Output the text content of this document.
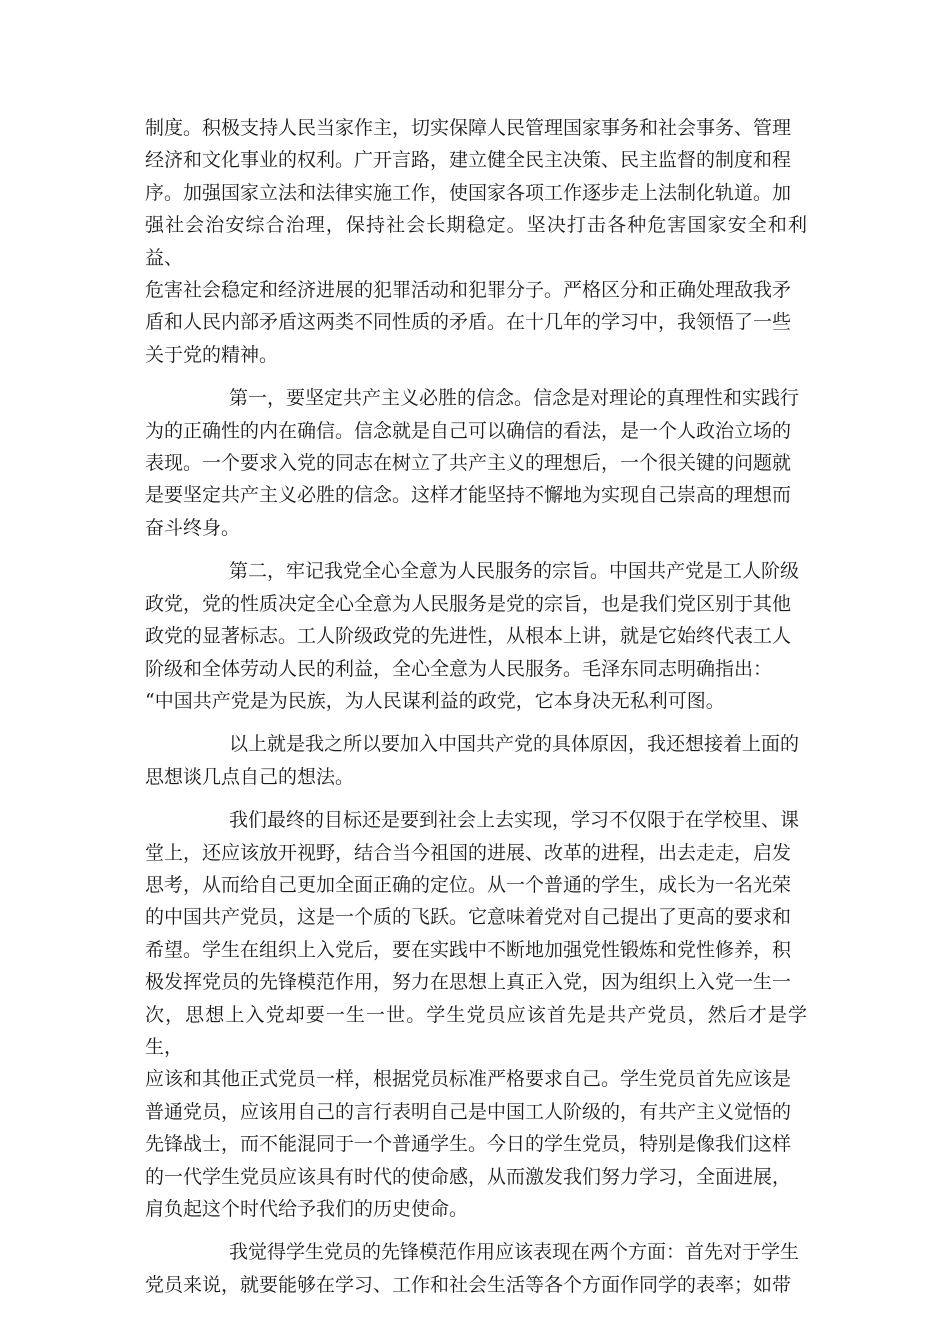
制度。积极支持人民当家作主，切实保障人民管理国家事务和社会事务、管理
经济和文化事业的权利。广开言路，建立健全民主决策、民主监督的制度和程
序。加强国家立法和法律实施工作，使国家各项工作逐步走上法制化轨道。加
强社会治安综合治理，保持社会长期稳定。坚决打击各种危害国家安全和利益、
危害社会稳定和经济进展的犯罪活动和犯罪分子。严格区分和正确处理敌我矛
盾和人民内部矛盾这两类不同性质的矛盾。在十几年的学习中，我领悟了一些
关于党的精神。

第一，要坚定共产主义必胜的信念。信念是对理论的真理性和实践行
为的正确性的内在确信。信念就是自己可以确信的看法，是一个人政治立场的
表现。一个要求入党的同志在树立了共产主义的理想后，一个很关键的问题就
是要坚定共产主义必胜的信念。这样才能坚持不懈地为实现自己崇高的理想而
奋斗终身。

第二，牢记我党全心全意为人民服务的宗旨。中国共产党是工人阶级
政党，党的性质决定全心全意为人民服务是党的宗旨，也是我们党区别于其他
政党的显著标志。工人阶级政党的先进性，从根本上讲，就是它始终代表工人
阶级和全体劳动人民的利益，全心全意为人民服务。毛泽东同志明确指出：
“中国共产党是为民族，为人民谋利益的政党，它本身决无私利可图。

以上就是我之所以要加入中国共产党的具体原因，我还想接着上面的
思想谈几点自己的想法。

我们最终的目标还是要到社会上去实现，学习不仅限于在学校里、课
堂上，还应该放开视野，结合当今祖国的进展、改革的进程，出去走走，启发
思考，从而给自己更加全面正确的定位。从一个普通的学生，成长为一名光荣
的中国共产党员，这是一个质的飞跃。它意味着党对自己提出了更高的要求和
希望。学生在组织上入党后，要在实践中不断地加强党性锻炼和党性修养，积
极发挥党员的先锋模范作用，努力在思想上真正入党，因为组织上入党一生一
次，思想上入党却要一生一世。学生党员应该首先是共产党员，然后才是学生，
应该和其他正式党员一样，根据党员标准严格要求自己。学生党员首先应该是
普通党员，应该用自己的言行表明自己是中国工人阶级的，有共产主义觉悟的
先锋战士，而不能混同于一个普通学生。今日的学生党员，特别是像我们这样
的一代学生党员应该具有时代的使命感，从而激发我们努力学习，全面进展，
肩负起这个时代给予我们的历史使命。

我觉得学生党员的先锋模范作用应该表现在两个方面：首先对于学生
党员来说，就要能够在学习、工作和社会生活等各个方面作同学的表率；如带
